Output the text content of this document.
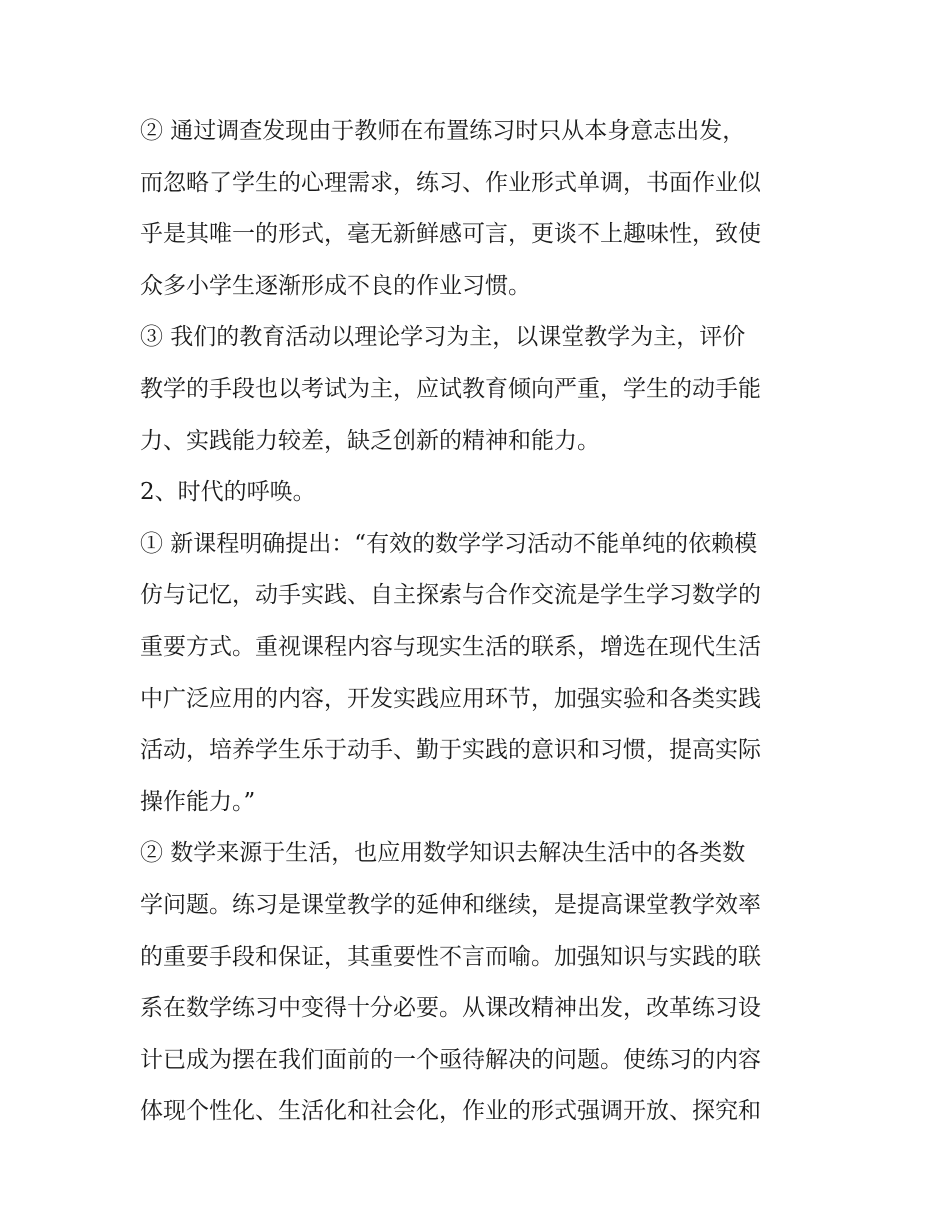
② 通过调查发现由于教师在布置练习时只从本身意志出发，
而忽略了学生的心理需求，练习、作业形式单调，书面作业似
乎是其唯一的形式，毫无新鲜感可言，更谈不上趣味性，致使
众多小学生逐渐形成不良的作业习惯。
③ 我们的教育活动以理论学习为主，以课堂教学为主，评价
教学的手段也以考试为主，应试教育倾向严重，学生的动手能
力、实践能力较差，缺乏创新的精神和能力。
2、时代的呼唤。
① 新课程明确提出：“有效的数学学习活动不能单纯的依赖模
仿与记忆，动手实践、自主探索与合作交流是学生学习数学的
重要方式。重视课程内容与现实生活的联系，增选在现代生活
中广泛应用的内容，开发实践应用环节，加强实验和各类实践
活动，培养学生乐于动手、勤于实践的意识和习惯，提高实际
操作能力。”
② 数学来源于生活，也应用数学知识去解决生活中的各类数
学问题。练习是课堂教学的延伸和继续，是提高课堂教学效率
的重要手段和保证，其重要性不言而喻。加强知识与实践的联
系在数学练习中变得十分必要。从课改精神出发，改革练习设
计已成为摆在我们面前的一个亟待解决的问题。使练习的内容
体现个性化、生活化和社会化，作业的形式强调开放、探究和
